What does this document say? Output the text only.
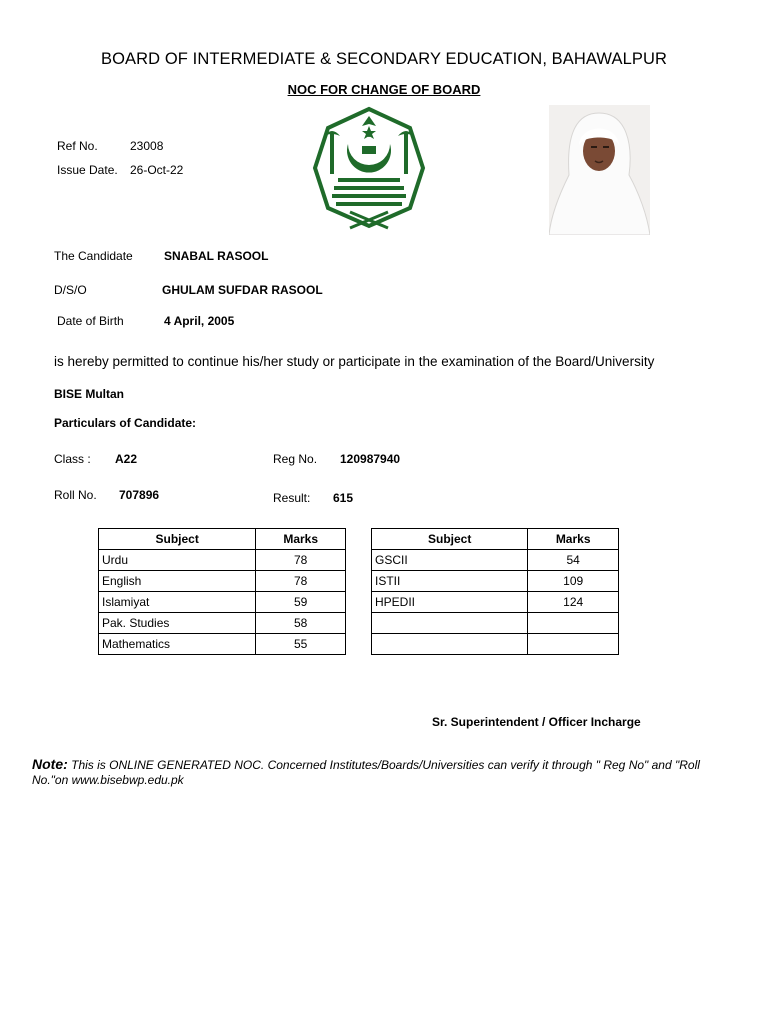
BOARD OF INTERMEDIATE & SECONDARY EDUCATION, BAHAWALPUR
NOC FOR CHANGE OF BOARD
Ref No.	23008
Issue Date. 26-Oct-22
The Candidate	SNABAL RASOOL
D/S/O	GHULAM SUFDAR RASOOL
Date of Birth	4 April, 2005
is hereby permitted to continue his/her study or participate in the examination of the Board/University
BISE Multan
Particulars of Candidate:
Class : A22	Reg No. 120987940
Roll No. 707896	Result: 615
Subject	Marks
Urdu	78
English	78
Islamiyat	59
Pak. Studies	58
Mathematics	55
Subject	Marks
GSCII	54
ISTII	109
HPEDII	124

Sr. Superintendent / Officer Incharge
Note: This is ONLINE GENERATED NOC. Concerned Institutes/Boards/Universities can verify it through " Reg No" and "Roll No."on www.bisebwp.edu.pk
